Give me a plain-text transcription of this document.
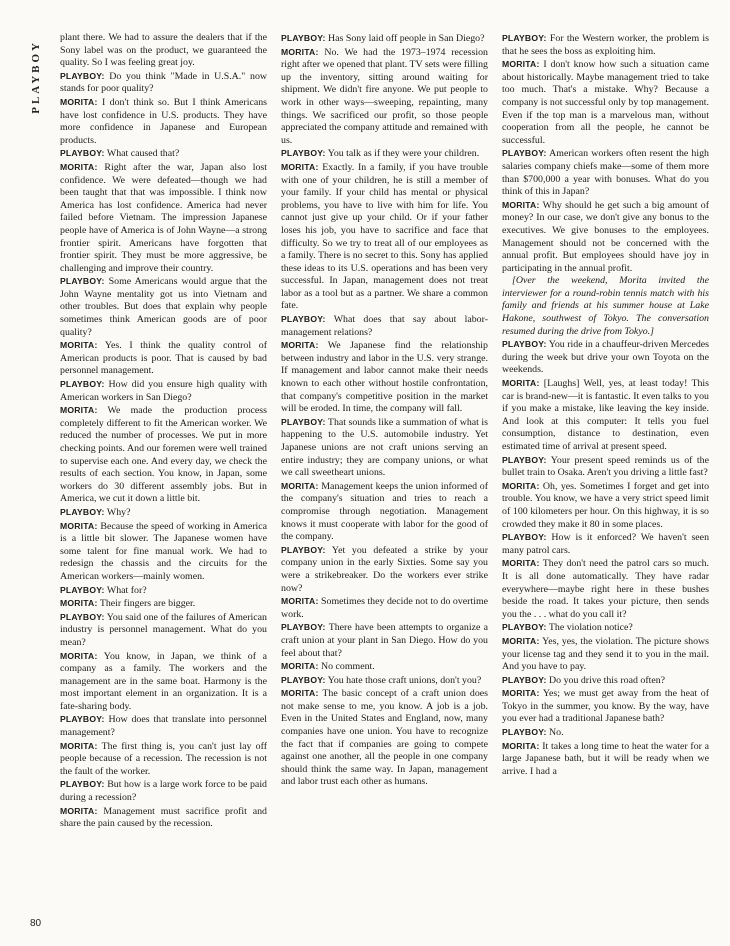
PLAYBOY

plant there. We had to assure the dealers that if the Sony label was on the product, we guaranteed the quality. So I was feeling great joy.

PLAYBOY: Do you think "Made in U.S.A." now stands for poor quality?

MORITA: I don't think so. But I think Americans have lost confidence in U.S. products. They have more confidence in Japanese and European products.

PLAYBOY: What caused that?

MORITA: Right after the war, Japan also lost confidence. We were defeated—though we had been taught that that was impossible. I think now America has lost confidence. America had never failed before Vietnam. The impression Japanese people have of America is of John Wayne—a strong frontier spirit. Americans have forgotten that frontier spirit. They must be more aggressive, be challenging and improve their country.

PLAYBOY: Some Americans would argue that the John Wayne mentality got us into Vietnam and other troubles. But does that explain why people sometimes think American goods are of poor quality?

MORITA: Yes. I think the quality control of American products is poor. That is caused by bad personnel management.

PLAYBOY: How did you ensure high quality with American workers in San Diego?

MORITA: We made the production process completely different to fit the American worker. We reduced the number of processes. We put in more checking points. And our foremen were well trained to supervise each one. And every day, we check the results of each section. You know, in Japan, some workers do 30 different assembly jobs. But in America, we cut it down a little bit.

PLAYBOY: Why?

MORITA: Because the speed of working in America is a little bit slower. The Japanese women have some talent for fine manual work. We had to redesign the chassis and the circuits for the American workers—mainly women.

PLAYBOY: What for?

MORITA: Their fingers are bigger.

PLAYBOY: You said one of the failures of American industry is personnel management. What do you mean?

MORITA: You know, in Japan, we think of a company as a family. The workers and the management are in the same boat. Harmony is the most important element in an organization. It is a fate-sharing body.

PLAYBOY: How does that translate into personnel management?

MORITA: The first thing is, you can't just lay off people because of a recession. The recession is not the fault of the worker.

PLAYBOY: But how is a large work force to be paid during a recession?

MORITA: Management must sacrifice profit and share the pain caused by the recession.

PLAYBOY: Has Sony laid off people in San Diego?

MORITA: No. We had the 1973–1974 recession right after we opened that plant. TV sets were filling up the inventory, sitting around waiting for shipment. We didn't fire anyone. We put people to work in other ways—sweeping, repainting, many things. We sacrificed our profit, so those people appreciated the company attitude and remained with us.

PLAYBOY: You talk as if they were your children.

MORITA: Exactly. In a family, if you have trouble with one of your children, he is still a member of your family. If your child has mental or physical problems, you have to live with him for life. You cannot just give up your child. Or if your father loses his job, you have to sacrifice and face that difficulty. So we try to treat all of our employees as a family. There is no secret to this. Sony has applied these ideas to its U.S. operations and has been very successful. In Japan, management does not treat labor as a tool but as a partner. We share a common fate.

PLAYBOY: What does that say about labor-management relations?

MORITA: We Japanese find the relationship between industry and labor in the U.S. very strange. If management and labor cannot make their needs known to each other without hostile confrontation, that company's competitive position in the market will be eroded. In time, the company will fall.

PLAYBOY: That sounds like a summation of what is happening to the U.S. automobile industry. Yet Japanese unions are not craft unions serving an entire industry; they are company unions, or what we call sweetheart unions.

MORITA: Management keeps the union informed of the company's situation and tries to reach a compromise through negotiation. Management knows it must cooperate with labor for the good of the company.

PLAYBOY: Yet you defeated a strike by your company union in the early Sixties. Some say you were a strikebreaker. Do the workers ever strike now?

MORITA: Sometimes they decide not to do overtime work.

PLAYBOY: There have been attempts to organize a craft union at your plant in San Diego. How do you feel about that?

MORITA: No comment.

PLAYBOY: You hate those craft unions, don't you?

MORITA: The basic concept of a craft union does not make sense to me, you know. A job is a job. Even in the United States and England, now, many companies have one union. You have to recognize the fact that if companies are going to compete against one another, all the people in one company should think the same way. In Japan, management and labor trust each other as humans.

PLAYBOY: For the Western worker, the problem is that he sees the boss as exploiting him.

MORITA: I don't know how such a situation came about historically. Maybe management tried to take too much. That's a mistake. Why? Because a company is not successful only by top management. Even if the top man is a marvelous man, without cooperation from all the people, he cannot be successful.

PLAYBOY: American workers often resent the high salaries company chiefs make—some of them more than $700,000 a year with bonuses. What do you think of this in Japan?

MORITA: Why should he get such a big amount of money? In our case, we don't give any bonus to the executives. We give bonuses to the employees. Management should not be concerned with the annual profit. But employees should have joy in participating in the annual profit.

[Over the weekend, Morita invited the interviewer for a round-robin tennis match with his family and friends at his summer house at Lake Hakone, southwest of Tokyo. The conversation resumed during the drive from Tokyo.]

PLAYBOY: You ride in a chauffeur-driven Mercedes during the week but drive your own Toyota on the weekends.

MORITA: [Laughs] Well, yes, at least today! This car is brand-new—it is fantastic. It even talks to you if you make a mistake, like leaving the key inside. And look at this computer: It tells you fuel consumption, distance to destination, even estimated time of arrival at present speed.

PLAYBOY: Your present speed reminds us of the bullet train to Osaka. Aren't you driving a little fast?

MORITA: Oh, yes. Sometimes I forget and get into trouble. You know, we have a very strict speed limit of 100 kilometers per hour. On this highway, it is so crowded they make it 80 in some places.

PLAYBOY: How is it enforced? We haven't seen many patrol cars.

MORITA: They don't need the patrol cars so much. It is all done automatically. They have radar everywhere—maybe right here in these bushes beside the road. It takes your picture, then sends you the . . . what do you call it?

PLAYBOY: The violation notice?

MORITA: Yes, yes, the violation. The picture shows your license tag and they send it to you in the mail. And you have to pay.

PLAYBOY: Do you drive this road often?

MORITA: Yes; we must get away from the heat of Tokyo in the summer, you know. By the way, have you ever had a traditional Japanese bath?

PLAYBOY: No.

MORITA: It takes a long time to heat the water for a large Japanese bath, but it will be ready when we arrive. I had a

80
